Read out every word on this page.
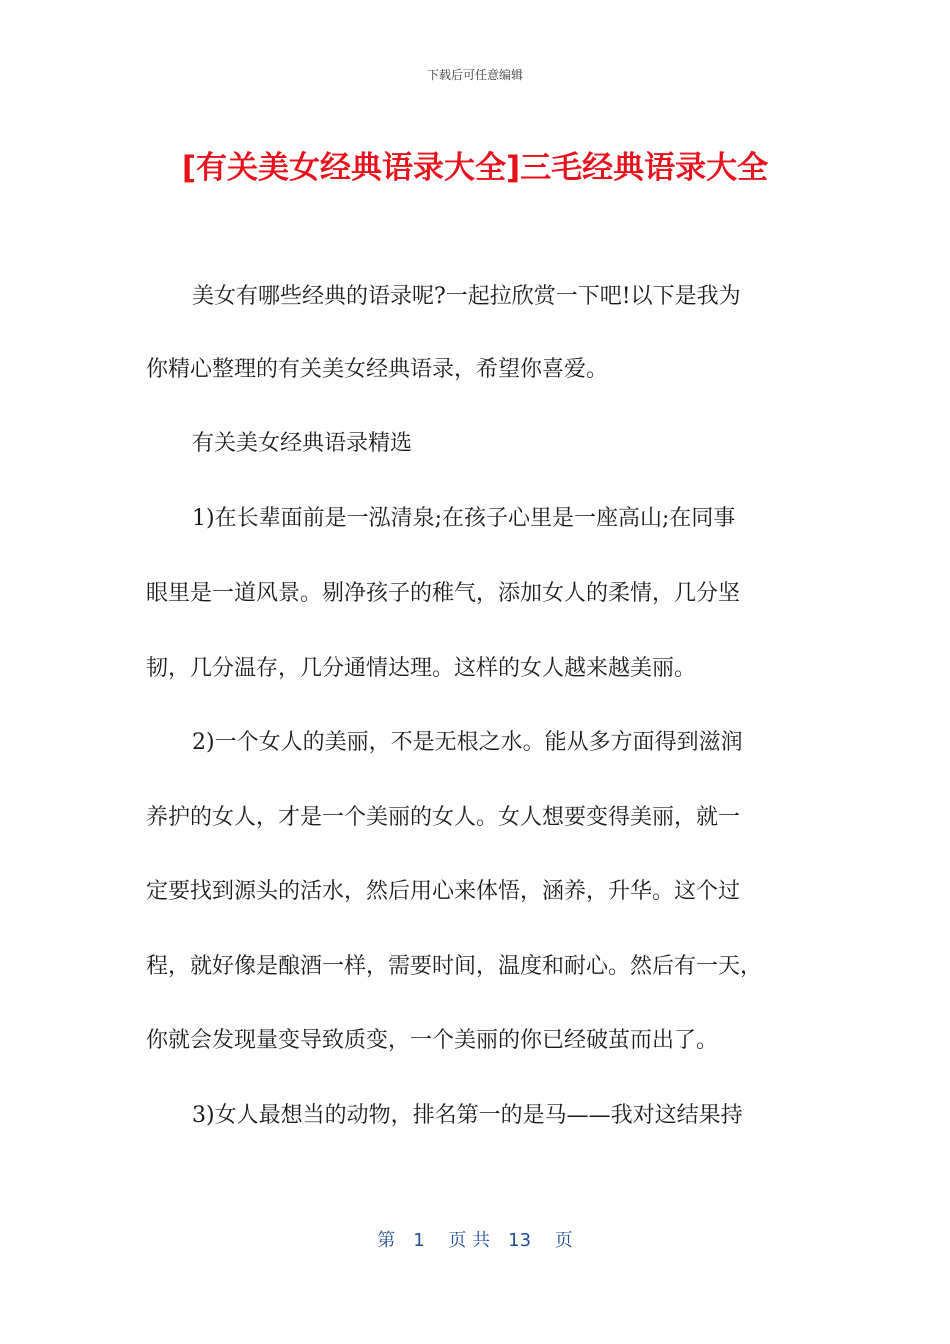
下载后可任意编辑
[有关美女经典语录大全]三毛经典语录大全
美女有哪些经典的语录呢?一起拉欣赏一下吧!以下是我为
你精心整理的有关美女经典语录，希望你喜爱。
有关美女经典语录精选
1)在长辈面前是一泓清泉;在孩子心里是一座高山;在同事
眼里是一道风景。剔净孩子的稚气，添加女人的柔情，几分坚
韧，几分温存，几分通情达理。这样的女人越来越美丽。
2)一个女人的美丽，不是无根之水。能从多方面得到滋润
养护的女人，才是一个美丽的女人。女人想要变得美丽，就一
定要找到源头的活水，然后用心来体悟，涵养，升华。这个过
程，就好像是酿酒一样，需要时间，温度和耐心。然后有一天，
你就会发现量变导致质变，一个美丽的你已经破茧而出了。
3)女人最想当的动物，排名第一的是马——我对这结果持
第　1　 页 共　13　 页
